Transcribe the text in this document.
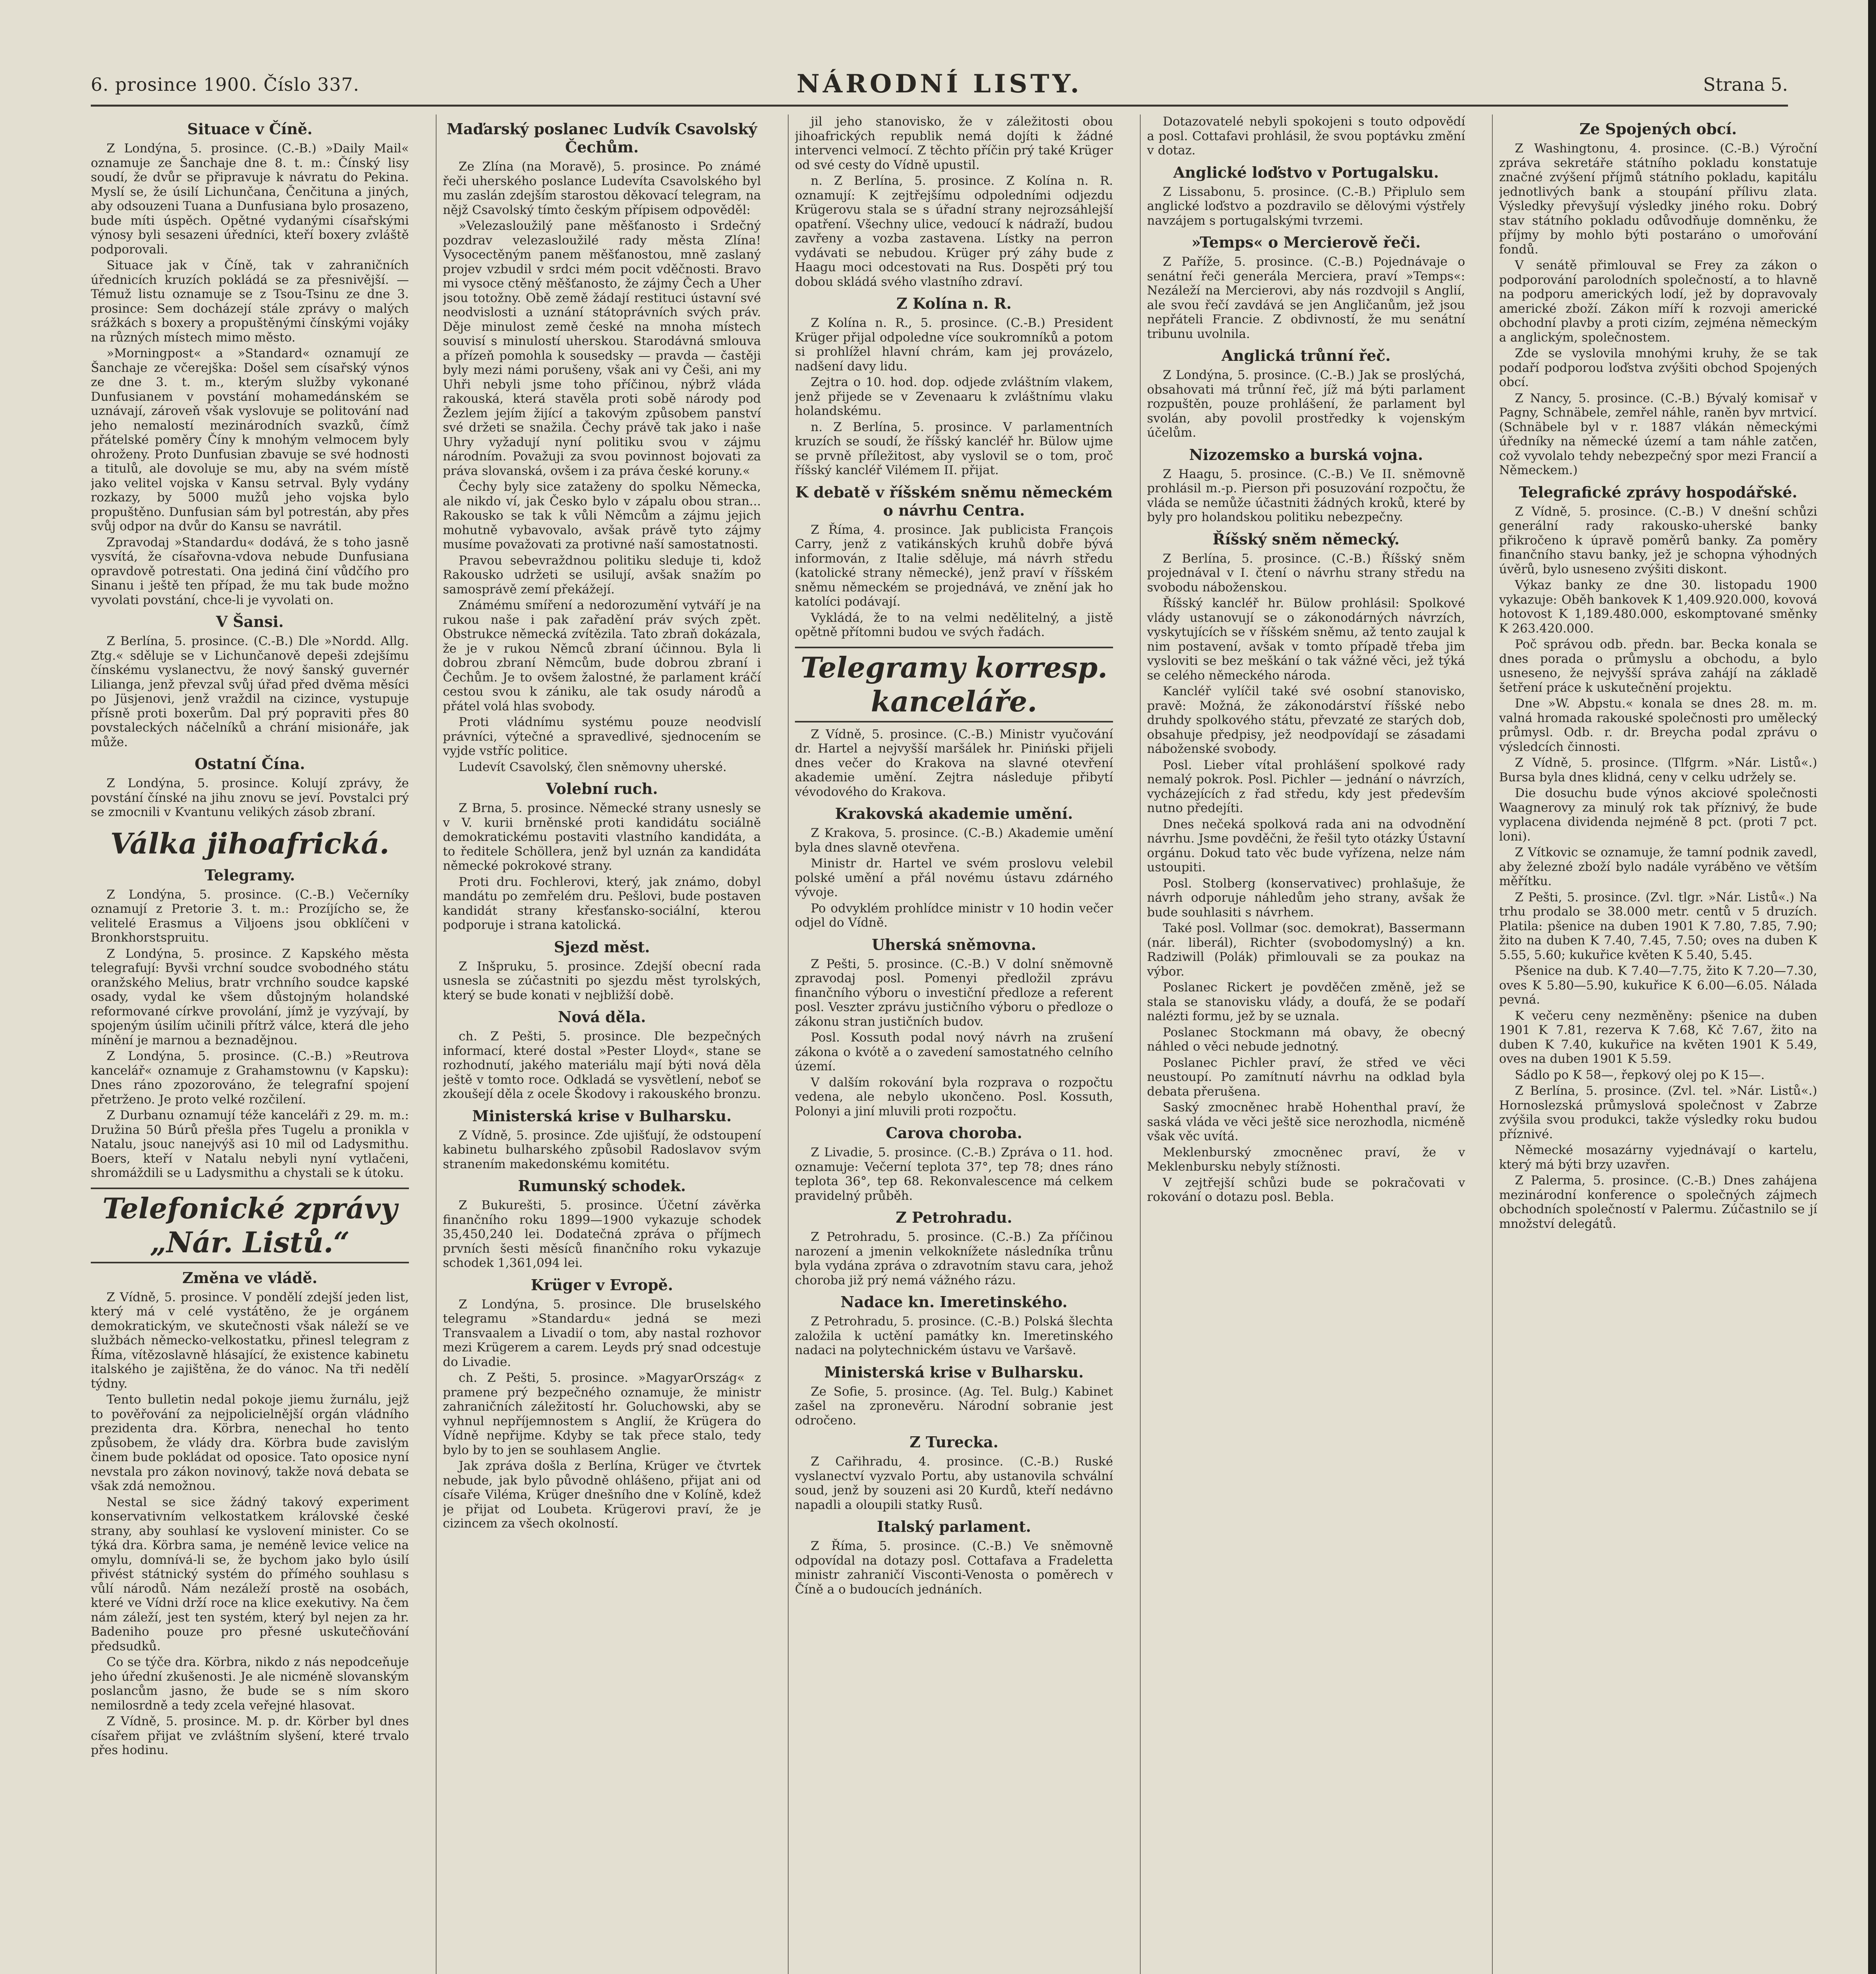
6. prosince 1900. Číslo 337.	NÁRODNÍ LISTY.	Strana 5.
Situace v Číně.

Z Londýna, 5. prosince. (C.-B.) »Daily Mail« oznamuje ze Šanchaje dne 8. t. m.: Čínský lisy soudí, že dvůr se připravuje k návratu do Pekina. Myslí se, že úsilí Lichunčana, Čenčituna a jiných, aby odsouzeni Tuana a Dunfusiana bylo prosazeno, bude míti úspěch. Opětné vydanými císařskými výnosy byli sesazeni úředníci, kteří boxery zvláště podporovali.

Situace jak v Číně, tak v zahraničních úřednicích kruzích pokládá se za přesnivější. — Témuž listu oznamuje se z Tsou-Tsinu ze dne 3. prosince: Sem docházejí stále zprávy o malých srážkách s boxery a propuštěnými čínskými vojáky na různých místech mimo město.

»Morningpost« a »Standard« oznamují ze Šanchaje ze včerejška: Došel sem císařský výnos ze dne 3. t. m., kterým služby vykonané Dunfusianem v povstání mohamedánském se uznávají, zároveň však vyslovuje se politování nad jeho nemalostí mezinárodních svazků, čímž přátelské poměry Číny k mnohým velmocem byly ohroženy. Proto Dunfusian zbavuje se své hodnosti a titulů, ale dovoluje se mu, aby na svém místě jako velitel vojska v Kansu setrval. Byly vydány rozkazy, by 5000 mužů jeho vojska bylo propuštěno. Dunfusian sám byl potrestán, aby přes svůj odpor na dvůr do Kansu se navrátil.

Zpravodaj »Standardu« dodává, že s toho jasně vysvítá, že císařovna-vdova nebude Dunfusiana opravdově potrestati. Ona jediná činí vůdčího pro Sinanu i ještě ten případ, že mu tak bude možno vyvolati povstání, chce-li je vyvolati on.

V Šansi.

Z Berlína, 5. prosince. (C.-B.) Dle »Nordd. Allg. Ztg.« sděluje se v Lichunčanově depeši zdejšímu čínskému vyslanectvu, že nový šanský guvernér Lilianga, jenž převzal svůj úřad před dvěma měsíci po Jüsjenovi, jenž vraždil na cizince, vystupuje přísně proti boxerům. Dal prý popraviti přes 80 povstaleckých náčelníků a chrání misionáře, jak může.

Ostatní Čína.

Z Londýna, 5. prosince. Kolují zprávy, že povstání čínské na jihu znovu se jeví. Povstalci prý se zmocnili v Kvantunu velikých zásob zbraní.

Válka jihoafrická.
Telegramy.

Z Londýna, 5. prosince. (C.-B.) Večerníky oznamují z Pretorie 3. t. m.: Prozíjícho se, že velitelé Erasmus a Viljoens jsou obklíčeni v Bronkhorstspruitu.

Z Londýna, 5. prosince. Z Kapského města telegrafují: Byvši vrchní soudce svobodného státu oranžského Melius, bratr vrchního soudce kapské osady, vydal ke všem důstojným holandské reformované církve provolání, jímž je vyzývají, by spojeným úsilím učinili přítrž válce, která dle jeho mínění je marnou a beznadějnou.

Z Londýna, 5. prosince. (C.-B.) »Reutrova kancelář« oznamuje z Grahamstownu (v Kapsku): Dnes ráno zpozorováno, že telegrafní spojení přetrženo. Je proto velké rozčilení.

Z Durbanu oznamují téže kanceláři z 29. m. m.: Družina 50 Búrů přešla přes Tugelu a pronikla v Natalu, jsouc nanejvýš asi 10 mil od Ladysmithu. Boers, kteří v Natalu nebyli nyní vytlačeni, shromáždili se u Ladysmithu a chystali se k útoku.

Telefonické zprávy „Nár. Listů.“
Změna ve vládě.

Z Vídně, 5. prosince. V pondělí zdejší jeden list, který má v celé vystátěno, že je orgánem demokratickým, ve skutečnosti však náleží se ve službách německo-velkostatku, přinesl telegram z Říma, vítězoslavně hlásající, že existence kabinetu italského je zajištěna, že do vánoc. Na tři nedělí týdny.

Tento bulletin nedal pokoje jiemu žurnálu, jejž to pověřování za nejpolicielnější orgán vládního prezidenta dra. Körbra, nenechal ho tento způsobem, že vlády dra. Körbra bude zavislým činem bude pokládat od oposice. Tato oposice nyní nevstala pro zákon novinový, takže nová debata se však zdá nemožnou.

Nestal se sice žádný takový experiment konservativním velkostatkem královské české strany, aby souhlasí ke vyslovení minister. Co se týká dra. Körbra sama, je neméně levice velice na omylu, domnívá-li se, že bychom jako bylo úsilí přivést státnický systém do přímého souhlasu s vůlí národů. Nám nezáleží prostě na osobách, které ve Vídni drží roce na klice exekutivy. Na čem nám záleží, jest ten systém, který byl nejen za hr. Badeniho pouze pro přesné uskutečňování předsudků.

Co se týče dra. Körbra, nikdo z nás nepodceňuje jeho úřední zkušenosti. Je ale nicméně slovanským poslancům jasno, že bude se s ním skoro nemilosrdně a tedy zcela veřejné hlasovat.

Z Vídně, 5. prosince. M. p. dr. Körber byl dnes císařem přijat ve zvláštním slyšení, které trvalo přes hodinu.

Maďarský poslanec Ludvík Csavolský Čechům.

Ze Zlína (na Moravě), 5. prosince. Po známé řeči uherského poslance Ludevíta Csavolského byl mu zaslán zdejším starostou děkovací telegram, na nějž Csavolský tímto českým přípisem odpověděl:

»Velezasloužilý pane měšťanosto i Srdečný pozdrav velezasloužilé rady města Zlína! Vysocectěným panem měšťanostou, mně zaslaný projev vzbudil v srdci mém pocit vděčnosti. Bravo mi vysoce ctěný měšťanosto, že zájmy Čech a Uher jsou totožny. Obě země žádají restituci ústavní své neodvislosti a uznání státoprávních svých práv. Děje minulost země české na mnoha místech souvisí s minulostí uherskou. Starodávná smlouva a přízeň pomohla k sousedsky — pravda — častěji byly mezi námi porušeny, však ani vy Češi, ani my Uhři nebyli jsme toho příčinou, nýbrž vláda rakouská, která stavěla proti sobě národy pod Žezlem jejím žijící a takovým způsobem panství své držeti se snažila. Čechy právě tak jako i naše Uhry vyžadují nyní politiku svou v zájmu národním. Považuji za svou povinnost bojovati za práva slovanská, ovšem i za práva české koruny.«

Čechy byly sice zataženy do spolku Německa, ale nikdo ví, jak Česko bylo v zápalu obou stran... Rakousko se tak k vůli Němcům a zájmu jejich mohutně vybavovalo, avšak právě tyto zájmy musíme považovati za protivné naší samostatnosti.

Pravou sebevraždnou politiku sleduje ti, kdož Rakousko udržeti se usilují, avšak snažím po samosprávě zemí překážejí.

Známému smíření a nedorozumění vytváří je na rukou naše i pak zařadění práv svých zpět. Obstrukce německá zvítězila. Tato zbraň dokázala, že je v rukou Němců zbraní účinnou. Byla li dobrou zbraní Němcům, bude dobrou zbraní i Čechům. Je to ovšem žalostné, že parlament kráčí cestou svou k zániku, ale tak osudy národů a přátel volá hlas svobody.

Proti vládnímu systému pouze neodvislí právníci, výtečné a spravedlivé, sjednocením se vyjde vstříc politice.

Ludevít Csavolský, člen sněmovny uherské.

Volební ruch.

Z Brna, 5. prosince. Německé strany usnesly se v V. kurii brněnské proti kandidátu sociálně demokratickému postaviti vlastního kandidáta, a to ředitele Schöllera, jenž byl uznán za kandidáta německé pokrokové strany.

Proti dru. Fochlerovi, který, jak známo, dobyl mandátu po zemřelém dru. Pešlovi, bude postaven kandidát strany křesťansko-sociální, kterou podporuje i strana katolická.

Sjezd měst.

Z Inšpruku, 5. prosince. Zdejší obecní rada usnesla se zúčastniti po sjezdu měst tyrolských, který se bude konati v nejbližší době.

Nová děla.

ch. Z Pešti, 5. prosince. Dle bezpečných informací, které dostal »Pester Lloyd«, stane se rozhodnutí, jakého materiálu mají býti nová děla ještě v tomto roce. Odkladá se vysvětlení, neboť se zkoušejí děla z ocele Škodovy i rakouského bronzu.

Ministerská krise v Bulharsku.

Z Vídně, 5. prosince. Zde ujišťují, že odstoupení kabinetu bulharského způsobil Radoslavov svým stranením makedonskému komitétu.

Rumunský schodek.

Z Bukurešti, 5. prosince. Účetní závěrka finančního roku 1899—1900 vykazuje schodek 35,450,240 lei. Dodatečná zpráva o příjmech prvních šesti měsíců finančního roku vykazuje schodek 1,361,094 lei.

Krüger v Evropě.

Z Londýna, 5. prosince. Dle bruselského telegramu »Standardu« jedná se mezi Transvaalem a Livadií o tom, aby nastal rozhovor mezi Krügerem a carem. Leyds prý snad odcestuje do Livadie.

ch. Z Pešti, 5. prosince. »MagyarOrszág« z pramene prý bezpečného oznamuje, že ministr zahraničních záležitostí hr. Goluchowski, aby se vyhnul nepříjemnostem s Anglií, že Krügera do Vídně nepřijme. Kdyby se tak přece stalo, tedy bylo by to jen se souhlasem Anglie.

Jak zpráva došla z Berlína, Krüger ve čtvrtek nebude, jak bylo původně ohlášeno, přijat ani od císaře Viléma, Krüger dnešního dne v Kolíně, kdež je přijat od Loubeta. Krügerovi praví, že je cizincem za všech okolností.

jil jeho stanovisko, že v záležitosti obou jihoafrických republik nemá dojíti k žádné intervenci velmocí. Z těchto příčin prý také Krüger od své cesty do Vídně upustil.

n. Z Berlína, 5. prosince. Z Kolína n. R. oznamují: K zejtřejšímu odpoledními odjezdu Krügerovu stala se s úřadní strany nejrozsáhlejší opatření. Všechny ulice, vedoucí k nádraží, budou zavřeny a vozba zastavena. Lístky na perron vydávati se nebudou. Krüger prý záhy bude z Haagu moci odcestovati na Rus. Dospěti prý tou dobou skládá svého vlastního zdraví.

Z Kolína n. R.

Z Kolína n. R., 5. prosince. (C.-B.) President Krüger přijal odpoledne více soukromníků a potom si prohlížel hlavní chrám, kam jej provázelo, nadšení davy lidu.

Zejtra o 10. hod. dop. odjede zvláštním vlakem, jenž přijede se v Zevenaaru k zvláštnímu vlaku holandskému.

n. Z Berlína, 5. prosince. V parlamentních kruzích se soudí, že říšský kancléř hr. Bülow ujme se prvně příležitost, aby vyslovil se o tom, proč říšský kancléř Vilémem II. přijat.

K debatě v říšském sněmu německém o návrhu Centra.

Z Říma, 4. prosince. Jak publicista François Carry, jenž z vatikánských kruhů dobře bývá informován, z Italie sděluje, má návrh středu (katolické strany německé), jenž praví v říšském sněmu německém se projednává, ve znění jak ho katolíci podávají.

Vykládá, že to na velmi nedělitelný, a jistě opětně přítomni budou ve svých řadách.

Telegramy korresp. kanceláře.

Z Vídně, 5. prosince. (C.-B.) Ministr vyučování dr. Hartel a nejvyšší maršálek hr. Piniński přijeli dnes večer do Krakova na slavné otevření akademie umění. Zejtra následuje přibytí vévodového do Krakova.

Krakovská akademie umění.

Z Krakova, 5. prosince. (C.-B.) Akademie umění byla dnes slavně otevřena.

Ministr dr. Hartel ve svém proslovu velebil polské umění a přál novému ústavu zdárného vývoje.

Po odvyklém prohlídce ministr v 10 hodin večer odjel do Vídně.

Uherská sněmovna.

Z Pešti, 5. prosince. (C.-B.) V dolní sněmovně zpravodaj posl. Pomenyi předložil zprávu finančního výboru o investiční předloze a referent posl. Veszter zprávu justičního výboru o předloze o zákonu stran justičních budov.

Posl. Kossuth podal nový návrh na zrušení zákona o kvótě a o zavedení samostatného celního území.

V dalším rokování byla rozprava o rozpočtu vedena, ale nebylo ukončeno. Posl. Kossuth, Polonyi a jiní mluvili proti rozpočtu.

Carova choroba.

Z Livadie, 5. prosince. (C.-B.) Zpráva o 11. hod. oznamuje: Večerní teplota 37°, tep 78; dnes ráno teplota 36°, tep 68. Rekonvalescence má celkem pravidelný průběh.

Z Petrohradu.

Z Petrohradu, 5. prosince. (C.-B.) Za příčinou narození a jmenin velkoknížete následníka trůnu byla vydána zpráva o zdravotním stavu cara, jehož choroba již prý nemá vážného rázu.

Nadace kn. Imeretinského.

Z Petrohradu, 5. prosince. (C.-B.) Polská šlechta založila k uctění památky kn. Imeretinského nadaci na polytechnickém ústavu ve Varšavě.

Ministerská krise v Bulharsku.

Ze Sofie, 5. prosince. (Ag. Tel. Bulg.) Kabinet zašel na zpronevěru. Národní sobranie jest odročeno.

Z Turecka.

Z Cařihradu, 4. prosince. (C.-B.) Ruské vyslanectví vyzvalo Portu, aby ustanovila schvální soud, jenž by souzeni asi 20 Kurdů, kteří nedávno napadli a oloupili statky Rusů.

Italský parlament.

Z Říma, 5. prosince. (C.-B.) Ve sněmovně odpovídal na dotazy posl. Cottafava a Fradeletta ministr zahraničí Visconti-Venosta o poměrech v Číně a o budoucích jednáních.

Dotazovatelé nebyli spokojeni s touto odpovědí a posl. Cottafavi prohlásil, že svou poptávku změní v dotaz.

Anglické loďstvo v Portugalsku.

Z Lissabonu, 5. prosince. (C.-B.) Připlulo sem anglické loďstvo a pozdravilo se dělovými výstřely navzájem s portugalskými tvrzemi.

»Temps« o Mercierově řeči.

Z Paříže, 5. prosince. (C.-B.) Pojednávaje o senátní řeči generála Merciera, praví »Temps«: Nezáleží na Mercierovi, aby nás rozdvojil s Anglií, ale svou řečí zavdává se jen Angličanům, jež jsou nepřáteli Francie. Z obdivností, že mu senátní tribunu uvolnila.

Anglická trůnní řeč.

Z Londýna, 5. prosince. (C.-B.) Jak se proslýchá, obsahovati má trůnní řeč, jíž má býti parlament rozpuštěn, pouze prohlášení, že parlament byl svolán, aby povolil prostředky k vojenským účelům.

Nizozemsko a burská vojna.

Z Haagu, 5. prosince. (C.-B.) Ve II. sněmovně prohlásil m.-p. Pierson při posuzování rozpočtu, že vláda se nemůže účastniti žádných kroků, které by byly pro holandskou politiku nebezpečny.

Říšský sněm německý.

Z Berlína, 5. prosince. (C.-B.) Říšský sněm projednával v I. čtení o návrhu strany středu na svobodu náboženskou.

Říšský kancléř hr. Bülow prohlásil: Spolkové vlády ustanovují se o zákonodárných návrzích, vyskytujících se v říšském sněmu, až tento zaujal k nim postavení, avšak v tomto případě třeba jim vysloviti se bez meškání o tak vážné věci, jež týká se celého německého národa.

Kancléř vylíčil také své osobní stanovisko, pravě: Možná, že zákonodárství říšské nebo druhdy spolkového státu, převzaté ze starých dob, obsahuje předpisy, jež neodpovídají se zásadami náboženské svobody.

Posl. Lieber vítal prohlášení spolkové rady nemalý pokrok. Posl. Pichler — jednání o návrzích, vycházejících z řad středu, kdy jest především nutno předejíti.

Dnes nečeká spolková rada ani na odvodnění návrhu. Jsme povděčni, že řešil tyto otázky Ústavní orgánu. Dokud tato věc bude vyřízena, nelze nám ustoupiti.

Posl. Stolberg (konservativec) prohlašuje, že návrh odporuje náhledům jeho strany, avšak že bude souhlasiti s návrhem.

Také posl. Vollmar (soc. demokrat), Bassermann (nár. liberál), Richter (svobodomyslný) a kn. Radziwill (Polák) přimlouvali se za poukaz na výbor.

Poslanec Rickert je povděčen změně, jež se stala se stanovisku vlády, a doufá, že se podaří nalézti formu, jež by se uznala.

Poslanec Stockmann má obavy, že obecný náhled o věci nebude jednotný.

Poslanec Pichler praví, že střed ve věci neustoupí. Po zamítnutí návrhu na odklad byla debata přerušena.

Saský zmocněnec hrabě Hohenthal praví, že saská vláda ve věci ještě sice nerozhodla, nicméně však věc uvítá.

Meklenburský zmocněnec praví, že v Meklenbursku nebyly stížnosti.

V zejtřejší schůzi bude se pokračovati v rokování o dotazu posl. Bebla.

Ze Spojených obcí.

Z Washingtonu, 4. prosince. (C.-B.) Výroční zpráva sekretáře státního pokladu konstatuje značné zvýšení příjmů státního pokladu, kapitálu jednotlivých bank a stoupání přílivu zlata. Výsledky převyšují výsledky jiného roku. Dobrý stav státního pokladu odůvodňuje domněnku, že příjmy by mohlo býti postaráno o umořování fondů.

V senátě přimlouval se Frey za zákon o podporování parolodních společností, a to hlavně na podporu amerických lodí, jež by dopravovaly americké zboží. Zákon míří k rozvoji americké obchodní plavby a proti cizím, zejména německým a anglickým, společnostem.

Zde se vyslovila mnohými kruhy, že se tak podaří podporou loďstva zvýšiti obchod Spojených obcí.

Z Nancy, 5. prosince. (C.-B.) Bývalý komisař v Pagny, Schnäbele, zemřel náhle, raněn byv mrtvicí. (Schnäbele byl v r. 1887 vlákán německými úředníky na německé území a tam náhle zatčen, což vyvolalo tehdy nebezpečný spor mezi Francií a Německem.)

Telegrafické zprávy hospodářské.

Z Vídně, 5. prosince. (C.-B.) V dnešní schůzi generální rady rakousko-uherské banky přikročeno k úpravě poměrů banky. Za poměry finančního stavu banky, jež je schopna výhodných úvěrů, bylo usneseno zvýšiti diskont.

Výkaz banky ze dne 30. listopadu 1900 vykazuje: Oběh bankovek K 1,409.920.000, kovová hotovost K 1,189.480.000, eskomptované směnky K 263.420.000.

Poč správou odb. předn. bar. Becka konala se dnes porada o průmyslu a obchodu, a bylo usneseno, že nejvyšší správa zahájí na základě šetření práce k uskutečnění projektu.

Dne »W. Abpstu.« konala se dnes 28. m. m. valná hromada rakouské společnosti pro umělecký průmysl. Odb. r. dr. Breycha podal zprávu o výsledcích činnosti.

Z Vídně, 5. prosince. (Tlfgrm. »Nár. Listů«.) Bursa byla dnes klidná, ceny v celku udržely se.

Die dosuchu bude výnos akciové společnosti Waagnerovy za minulý rok tak příznivý, že bude vyplacena dividenda nejméně 8 pct. (proti 7 pct. loni).

Z Vítkovic se oznamuje, že tamní podnik zavedl, aby železné zboží bylo nadále vyráběno ve větším měřítku.

Z Pešti, 5. prosince. (Zvl. tlgr. »Nár. Listů«.) Na trhu prodalo se 38.000 metr. centů v 5 druzích. Platila: pšenice na duben 1901 K 7.80, 7.85, 7.90; žito na duben K 7.40, 7.45, 7.50; oves na duben K 5.55, 5.60; kukuřice květen K 5.40, 5.45.

Pšenice na dub. K 7.40—7.75, žito K 7.20—7.30, oves K 5.80—5.90, kukuřice K 6.00—6.05. Nálada pevná.

K večeru ceny nezměněny: pšenice na duben 1901 K 7.81, rezerva K 7.68, Kč 7.67, žito na duben K 7.40, kukuřice na květen 1901 K 5.49, oves na duben 1901 K 5.59.

Sádlo po K 58—, řepkový olej po K 15—.

Z Berlína, 5. prosince. (Zvl. tel. »Nár. Listů«.) Hornoslezská průmyslová společnost v Zabrze zvýšila svou produkci, takže výsledky roku budou příznivé.

Německé mosazárny vyjednávají o kartelu, který má býti brzy uzavřen.

Z Palerma, 5. prosince. (C.-B.) Dnes zahájena mezinárodní konference o společných zájmech obchodních společností v Palermu. Zúčastnilo se jí množství delegátů.
